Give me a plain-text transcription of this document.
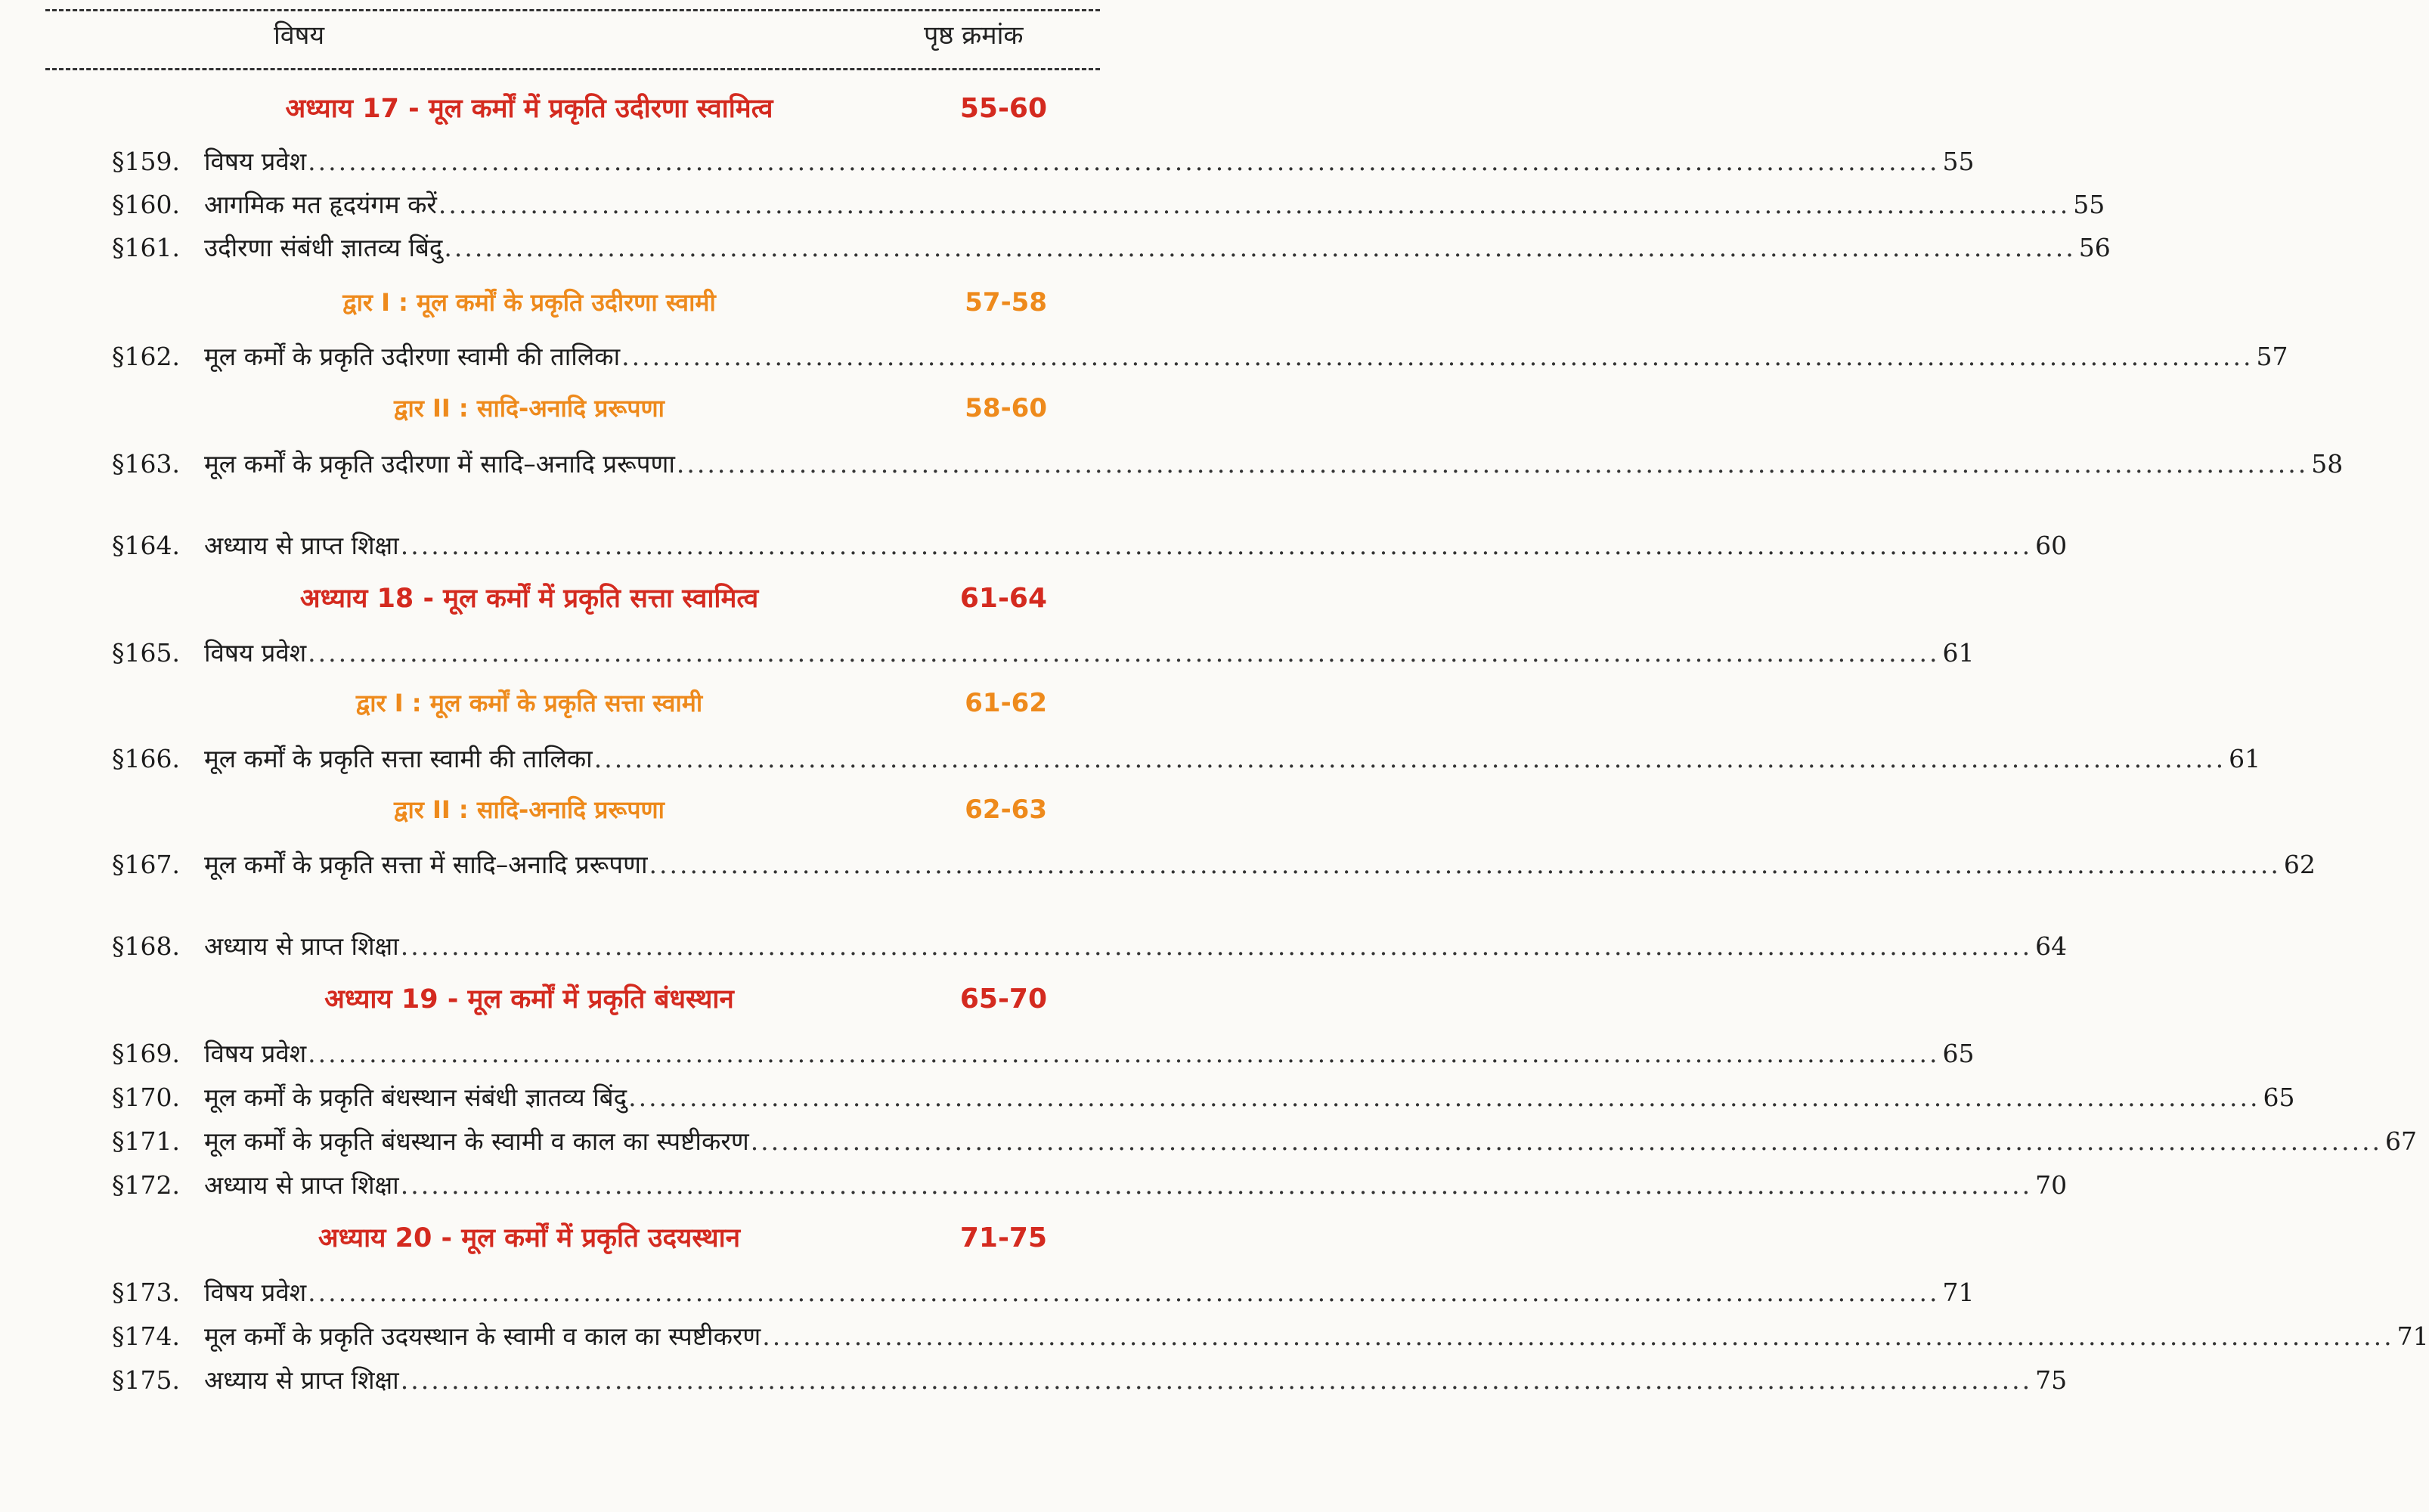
विषय	पृष्ठ क्रमांक
अध्याय 17 - मूल कर्मों में प्रकृति उदीरणा स्वामित्व	55-60
§159. विषय प्रवेश ................................................................................................................................................................ 55
§160. आगमिक मत हृदयंगम करें ................................................................................................................................................................ 55
§161. उदीरणा संबंधी ज्ञातव्य बिंदु ................................................................................................................................................................ 56
द्वार I : मूल कर्मों के प्रकृति उदीरणा स्वामी	57-58
§162. मूल कर्मों के प्रकृति उदीरणा स्वामी की तालिका ................................................................................................................................................................ 57
द्वार II : सादि-अनादि प्ररूपणा	58-60
§163. मूल कर्मों के प्रकृति उदीरणा में सादि–अनादि प्ररूपणा ................................................................................................................................................................ 58
§164. अध्याय से प्राप्त शिक्षा ................................................................................................................................................................ 60
अध्याय 18 - मूल कर्मों में प्रकृति सत्ता स्वामित्व	61-64
§165. विषय प्रवेश ................................................................................................................................................................ 61
द्वार I : मूल कर्मों के प्रकृति सत्ता स्वामी	61-62
§166. मूल कर्मों के प्रकृति सत्ता स्वामी की तालिका ................................................................................................................................................................ 61
द्वार II : सादि-अनादि प्ररूपणा	62-63
§167. मूल कर्मों के प्रकृति सत्ता में सादि–अनादि प्ररूपणा ................................................................................................................................................................ 62
§168. अध्याय से प्राप्त शिक्षा ................................................................................................................................................................ 64
अध्याय 19 - मूल कर्मों में प्रकृति बंधस्थान	65-70
§169. विषय प्रवेश ................................................................................................................................................................ 65
§170. मूल कर्मों के प्रकृति बंधस्थान संबंधी ज्ञातव्य बिंदु ................................................................................................................................................................ 65
§171. मूल कर्मों के प्रकृति बंधस्थान के स्वामी व काल का स्पष्टीकरण ................................................................................................................................................................ 67
§172. अध्याय से प्राप्त शिक्षा ................................................................................................................................................................ 70
अध्याय 20 - मूल कर्मों में प्रकृति उदयस्थान	71-75
§173. विषय प्रवेश ................................................................................................................................................................ 71
§174. मूल कर्मों के प्रकृति उदयस्थान के स्वामी व काल का स्पष्टीकरण ................................................................................................................................................................ 71
§175. अध्याय से प्राप्त शिक्षा ................................................................................................................................................................ 75
